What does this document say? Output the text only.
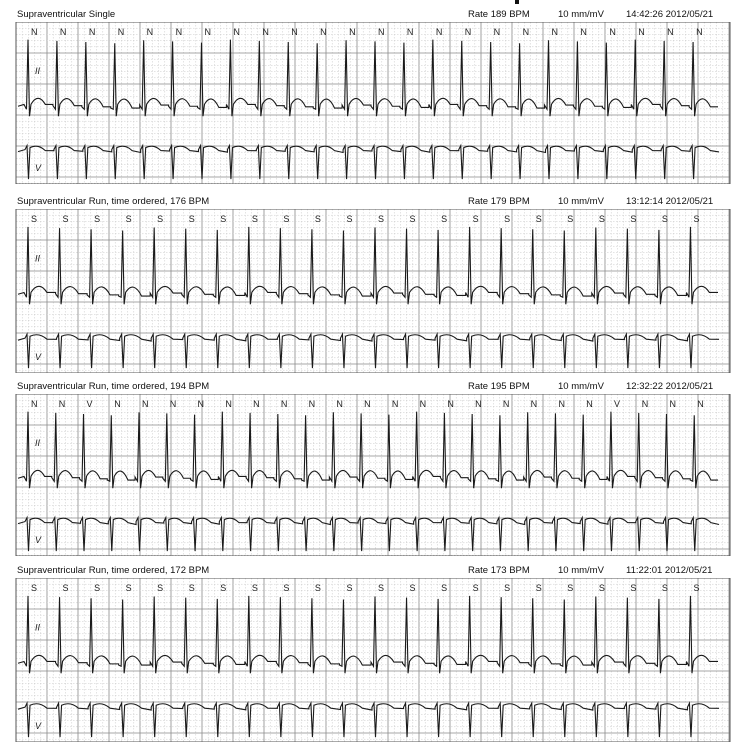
Supraventricular Single	Rate 189 BPM	10 mm/mV 14:42:26 2012/05/21
N N N N N N N N N N N N N N N N N N N N N N N N
II
V
Supraventricular Run, time ordered, 176 BPM	Rate 179 BPM	10 mm/mV 13:12:14 2012/05/21
S	S	S	S	S	S	S	S	S	S	S	S	S	S	S	S	S	S	S	S	S	S
II
V
Supraventricular Run, time ordered, 194 BPM	Rate 195 BPM	10 mm/mV 12:32:22 2012/05/21
N N V N N N N N N N N N N N N N N N N N N V N N N
II
V
Supraventricular Run, time ordered, 172 BPM	Rate 173 BPM	10 mm/mV 11:22:01 2012/05/21
S	S	S	S	S	S	S	S	S	S	S	S	S	S	S	S	S	S	S	S	S	S
II
V
